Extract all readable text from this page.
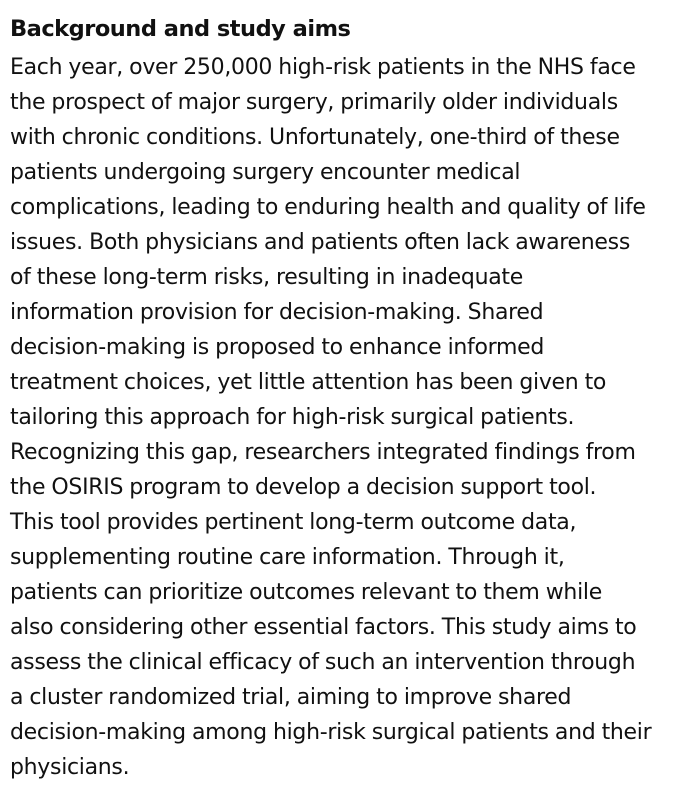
Background and study aims

Each year, over 250,000 high-risk patients in the NHS face
the prospect of major surgery, primarily older individuals
with chronic conditions. Unfortunately, one-third of these
patients undergoing surgery encounter medical
complications, leading to enduring health and quality of life
issues. Both physicians and patients often lack awareness
of these long-term risks, resulting in inadequate
information provision for decision-making. Shared
decision-making is proposed to enhance informed
treatment choices, yet little attention has been given to
tailoring this approach for high-risk surgical patients.
Recognizing this gap, researchers integrated findings from
the OSIRIS program to develop a decision support tool.
This tool provides pertinent long-term outcome data,
supplementing routine care information. Through it,
patients can prioritize outcomes relevant to them while
also considering other essential factors. This study aims to
assess the clinical efficacy of such an intervention through
a cluster randomized trial, aiming to improve shared
decision-making among high-risk surgical patients and their
physicians.
